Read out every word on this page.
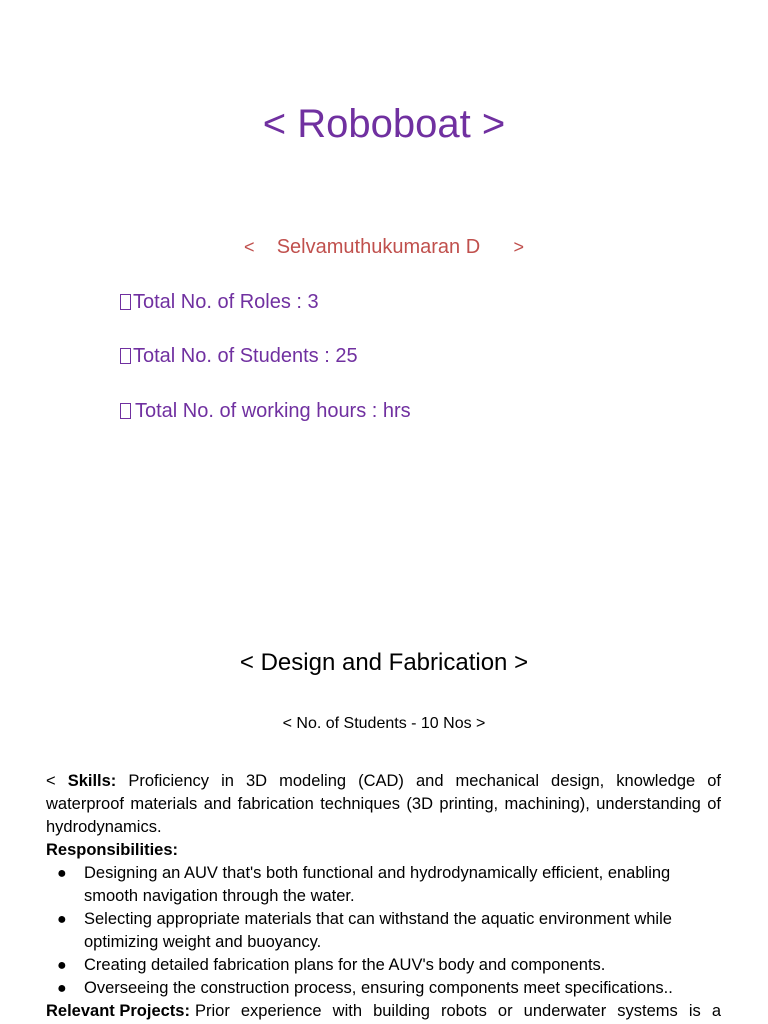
< Roboboat >
< Selvamuthukumaran D >
Total No. of Roles : 3
Total No. of Students : 25
Total No. of working hours : hrs
< Design and Fabrication >
< No. of Students - 10 Nos >
< Skills: Proficiency in 3D modeling (CAD) and mechanical design, knowledge of waterproof materials and fabrication techniques (3D printing, machining), understanding of hydrodynamics.
Responsibilities:
● Designing an AUV that's both functional and hydrodynamically efficient, enabling smooth navigation through the water.
● Selecting appropriate materials that can withstand the aquatic environment while optimizing weight and buoyancy.
● Creating detailed fabrication plans for the AUV's body and components.
● Overseeing the construction process, ensuring components meet specifications..
Relevant Projects: Prior experience with building robots or underwater systems is a
